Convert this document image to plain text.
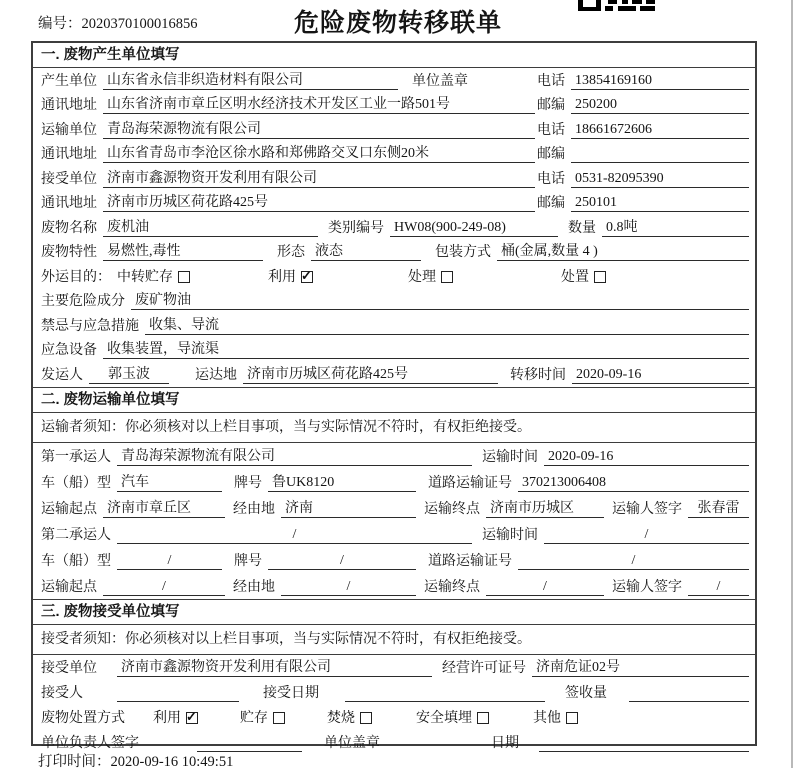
编号：2020370100016856	危险废物转移联单
一. 废物产生单位填写
产生单位 山东省永信非织造材料有限公司	单位盖章	电话 13854169160
通讯地址 山东省济南市章丘区明水经济技术开发区工业一路501号	邮编 250200
运输单位 青岛海荣源物流有限公司	电话 18661672606
通讯地址 山东省青岛市李沧区徐水路和郑佛路交叉口东侧20米	邮编
接受单位 济南市鑫源物资开发利用有限公司	电话 0531-82095390
通讯地址 济南市历城区荷花路425号	邮编 250101
废物名称 废机油	类别编号 HW08(900-249-08)	数量 0.8吨
废物特性 易燃性,毒性	形态 液态	包装方式 桶(金属,数量 4 )
外运目的： 中转贮存	利用 ✓	处理	处置
主要危险成分 废矿物油
禁忌与应急措施 收集、导流
应急设备 收集装置，导流渠
发运人	郭玉波	运达地 济南市历城区荷花路425号	转移时间 2020-09-16
二. 废物运输单位填写
运输者须知：你必须核对以上栏目事项，当与实际情况不符时，有权拒绝接受。
第一承运人 青岛海荣源物流有限公司	运输时间 2020-09-16
车（船）型 汽车	牌号 鲁UK8120	道路运输证号 370213006408
运输起点 济南市章丘区	经由地 济南	运输终点 济南市历城区	运输人签字	张春雷
第二承运人	/	运输时间	/
车（船）型	/	牌号	/	道路运输证号	/
运输起点	/	经由地	/	运输终点	/	运输人签字	/
三. 废物接受单位填写
接受者须知：你必须核对以上栏目事项，当与实际情况不符时，有权拒绝接受。
接受单位 济南市鑫源物资开发利用有限公司	经营许可证号 济南危证02号
接受人	接受日期	签收量
废物处置方式 利用 ✓	贮存	焚烧	安全填埋	其他
单位负责人签字	单位盖章	日期
打印时间：2020-09-16 10:49:51
